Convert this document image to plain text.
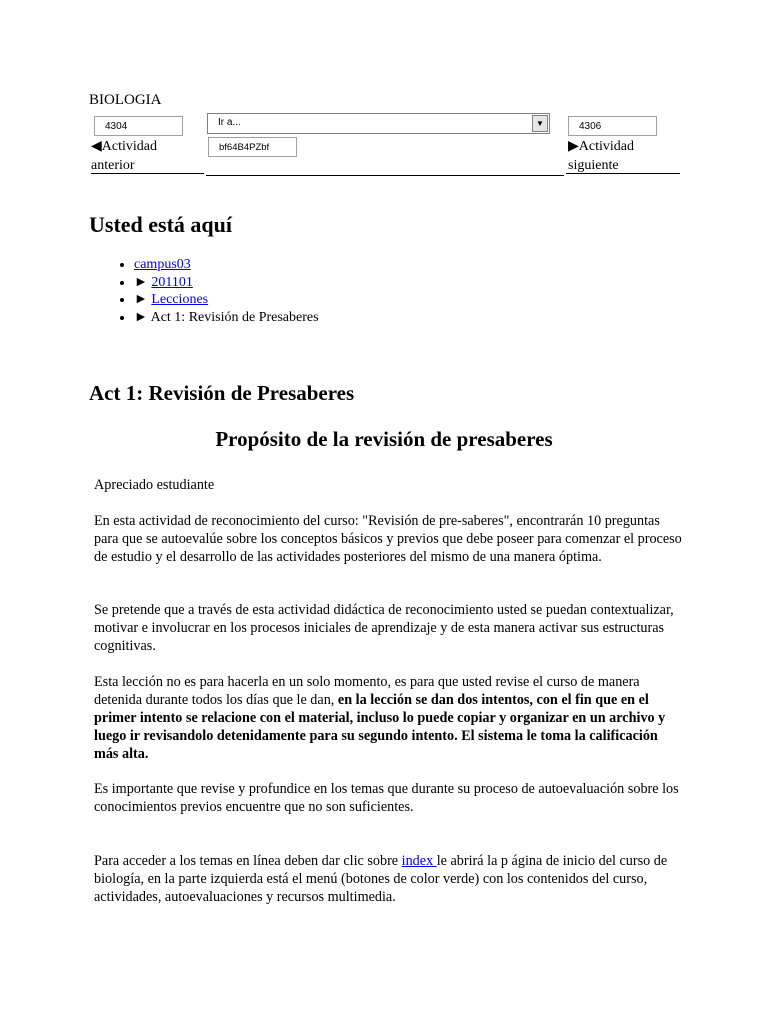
BIOLOGIA
4304
◀Actividad
anterior
Ir a...	▼
bf64B4PZbf
4306
▶Actividad
siguiente
Usted está aquí
• campus03
• ► 201101
• ► Lecciones
• ► Act 1: Revisión de Presaberes
Act 1: Revisión de Presaberes
Propósito de la revisión de presaberes

Apreciado estudiante

En esta actividad de reconocimiento del curso: "Revisión de pre-saberes", encontrarán 10 preguntas para que se autoevalúe sobre los conceptos básicos y previos que debe poseer para comenzar el proceso de estudio y el desarrollo de las actividades posteriores del mismo de una manera óptima.

Se pretende que a través de esta actividad didáctica de reconocimiento usted se puedan contextualizar, motivar e involucrar en los procesos iniciales de aprendizaje y de esta manera activar sus estructuras cognitivas.

Esta lección no es para hacerla en un solo momento, es para que usted revise el curso de manera detenida durante todos los días que le dan, en la lección se dan dos intentos, con el fin que en el primer intento se relacione con el material, incluso lo puede copiar y organizar en un archivo y luego ir revisandolo detenidamente para su segundo intento. El sistema le toma la calificación más alta.

Es importante que revise y profundice en los temas que durante su proceso de autoevaluación sobre los conocimientos previos encuentre que no son suficientes.

Para acceder a los temas en línea deben dar clic sobre index le abrirá la p ágina de inicio del curso de biología, en la parte izquierda está el menú (botones de color verde) con los contenidos del curso, actividades, autoevaluaciones y recursos multimedia.
